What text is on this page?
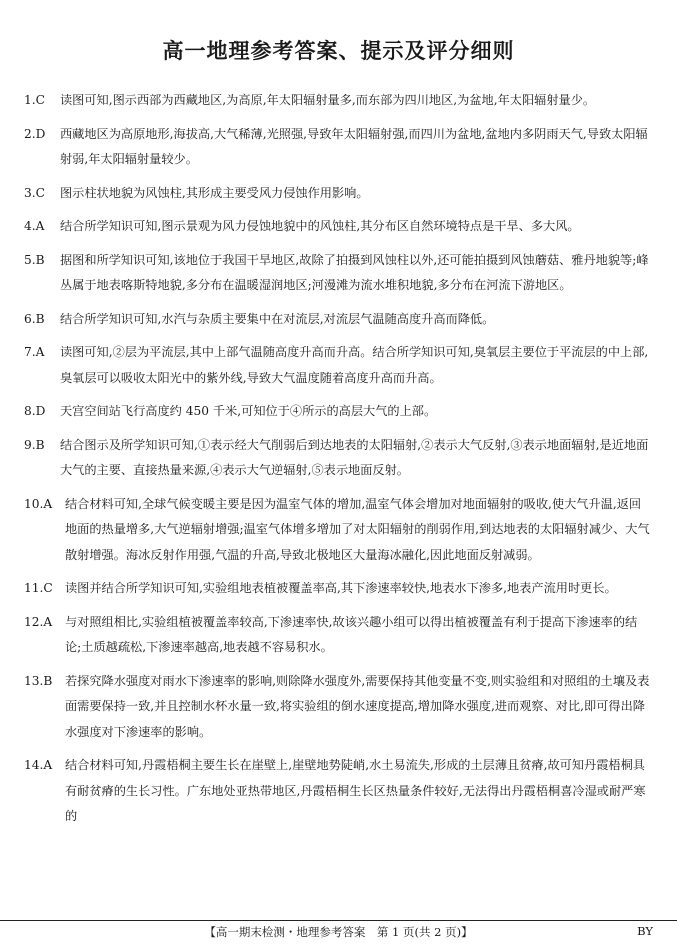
高一地理参考答案、提示及评分细则
1.C	读图可知,图示西部为西藏地区,为高原,年太阳辐射量多,而东部为四川地区,为盆地,年太阳辐射量少。
2.D	西藏地区为高原地形,海拔高,大气稀薄,光照强,导致年太阳辐射强,而四川为盆地,盆地内多阴雨天气,导致太阳辐射弱,年太阳辐射量较少。
3.C	图示柱状地貌为风蚀柱,其形成主要受风力侵蚀作用影响。
4.A	结合所学知识可知,图示景观为风力侵蚀地貌中的风蚀柱,其分布区自然环境特点是干旱、多大风。
5.B	据图和所学知识可知,该地位于我国干旱地区,故除了拍摄到风蚀柱以外,还可能拍摄到风蚀蘑菇、雅丹地貌等;峰丛属于地表喀斯特地貌,多分布在温暖湿润地区;河漫滩为流水堆积地貌,多分布在河流下游地区。
6.B	结合所学知识可知,水汽与杂质主要集中在对流层,对流层气温随高度升高而降低。
7.A	读图可知,②层为平流层,其中上部气温随高度升高而升高。结合所学知识可知,臭氧层主要位于平流层的中上部,臭氧层可以吸收太阳光中的紫外线,导致大气温度随着高度升高而升高。
8.D	天宫空间站飞行高度约 450 千米,可知位于④所示的高层大气的上部。
9.B	结合图示及所学知识可知,①表示经大气削弱后到达地表的太阳辐射,②表示大气反射,③表示地面辐射,是近地面大气的主要、直接热量来源,④表示大气逆辐射,⑤表示地面反射。
10.A	结合材料可知,全球气候变暖主要是因为温室气体的增加,温室气体会增加对地面辐射的吸收,使大气升温,返回地面的热量增多,大气逆辐射增强;温室气体增多增加了对太阳辐射的削弱作用,到达地表的太阳辐射减少、大气散射增强。海冰反射作用强,气温的升高,导致北极地区大量海冰融化,因此地面反射减弱。
11.C	读图并结合所学知识可知,实验组地表植被覆盖率高,其下渗速率较快,地表水下渗多,地表产流用时更长。
12.A	与对照组相比,实验组植被覆盖率较高,下渗速率快,故该兴趣小组可以得出植被覆盖有利于提高下渗速率的结论;土质越疏松,下渗速率越高,地表越不容易积水。
13.B	若探究降水强度对雨水下渗速率的影响,则除降水强度外,需要保持其他变量不变,则实验组和对照组的土壤及表面需要保持一致,并且控制水杯水量一致,将实验组的倒水速度提高,增加降水强度,进而观察、对比,即可得出降水强度对下渗速率的影响。
14.A	结合材料可知,丹霞梧桐主要生长在崖壁上,崖壁地势陡峭,水土易流失,形成的土层薄且贫瘠,故可知丹霞梧桐具有耐贫瘠的生长习性。广东地处亚热带地区,丹霞梧桐生长区热量条件较好,无法得出丹霞梧桐喜冷湿或耐严寒的
【高一期末检测・地理参考答案　第 1 页(共 2 页)】	BY
